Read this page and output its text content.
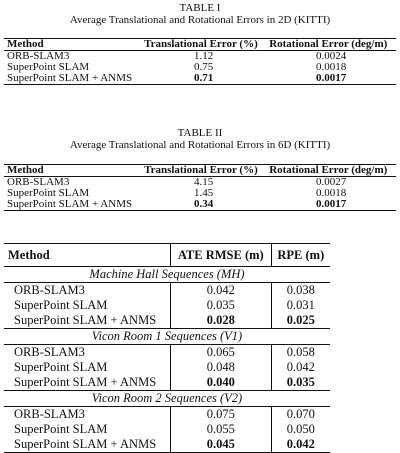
TABLE I
Average Translational and Rotational Errors in 2D (KITTI)
Method	Translational Error (%)	Rotational Error (deg/m)
ORB-SLAM3	1.12	0.0024
SuperPoint SLAM	0.75	0.0018
SuperPoint SLAM + ANMS	0.71	0.0017
TABLE II
Average Translational and Rotational Errors in 6D (KITTI)
Method	Translational Error (%)	Rotational Error (deg/m)
ORB-SLAM3	4.15	0.0027
SuperPoint SLAM	1.45	0.0018
SuperPoint SLAM + ANMS	0.34	0.0017
Method	ATE RMSE (m)	RPE (m)
Machine Hall Sequences (MH)		
ORB-SLAM3	0.042	0.038
SuperPoint SLAM	0.035	0.031
SuperPoint SLAM + ANMS	0.028	0.025
Vicon Room 1 Sequences (V1)		
ORB-SLAM3	0.065	0.058
SuperPoint SLAM	0.048	0.042
SuperPoint SLAM + ANMS	0.040	0.035
Vicon Room 2 Sequences (V2)		
ORB-SLAM3	0.075	0.070
SuperPoint SLAM	0.055	0.050
SuperPoint SLAM + ANMS	0.045	0.042
